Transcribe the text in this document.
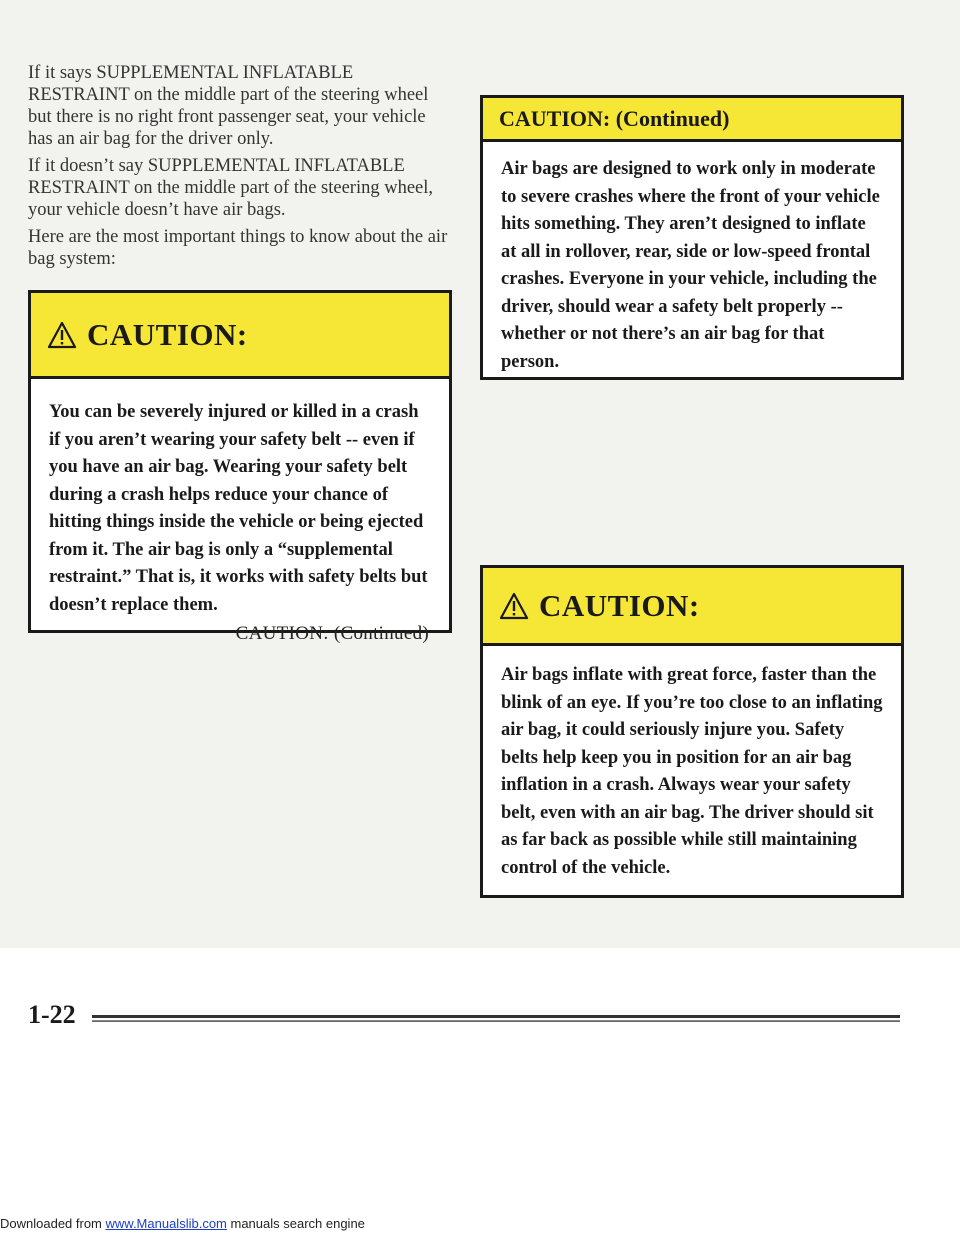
If it says SUPPLEMENTAL INFLATABLE RESTRAINT on the middle part of the steering wheel but there is no right front passenger seat, your vehicle has an air bag for the driver only.

If it doesn’t say SUPPLEMENTAL INFLATABLE RESTRAINT on the middle part of the steering wheel, your vehicle doesn’t have air bags.

Here are the most important things to know about the air bag system:

CAUTION:

You can be severely injured or killed in a crash if you aren’t wearing your safety belt -- even if you have an air bag. Wearing your safety belt during a crash helps reduce your chance of hitting things inside the vehicle or being ejected from it. The air bag is only a “supplemental restraint.” That is, it works with safety belts but doesn’t replace them.

CAUTION: (Continued)

CAUTION: (Continued)

Air bags are designed to work only in moderate to severe crashes where the front of your vehicle hits something. They aren’t designed to inflate at all in rollover, rear, side or low-speed frontal crashes. Everyone in your vehicle, including the driver, should wear a safety belt properly -- whether or not there’s an air bag for that person.

CAUTION:

Air bags inflate with great force, faster than the blink of an eye. If you’re too close to an inflating air bag, it could seriously injure you. Safety belts help keep you in position for an air bag inflation in a crash. Always wear your safety belt, even with an air bag. The driver should sit as far back as possible while still maintaining control of the vehicle.

1-22
Downloaded from www.Manualslib.com manuals search engine
